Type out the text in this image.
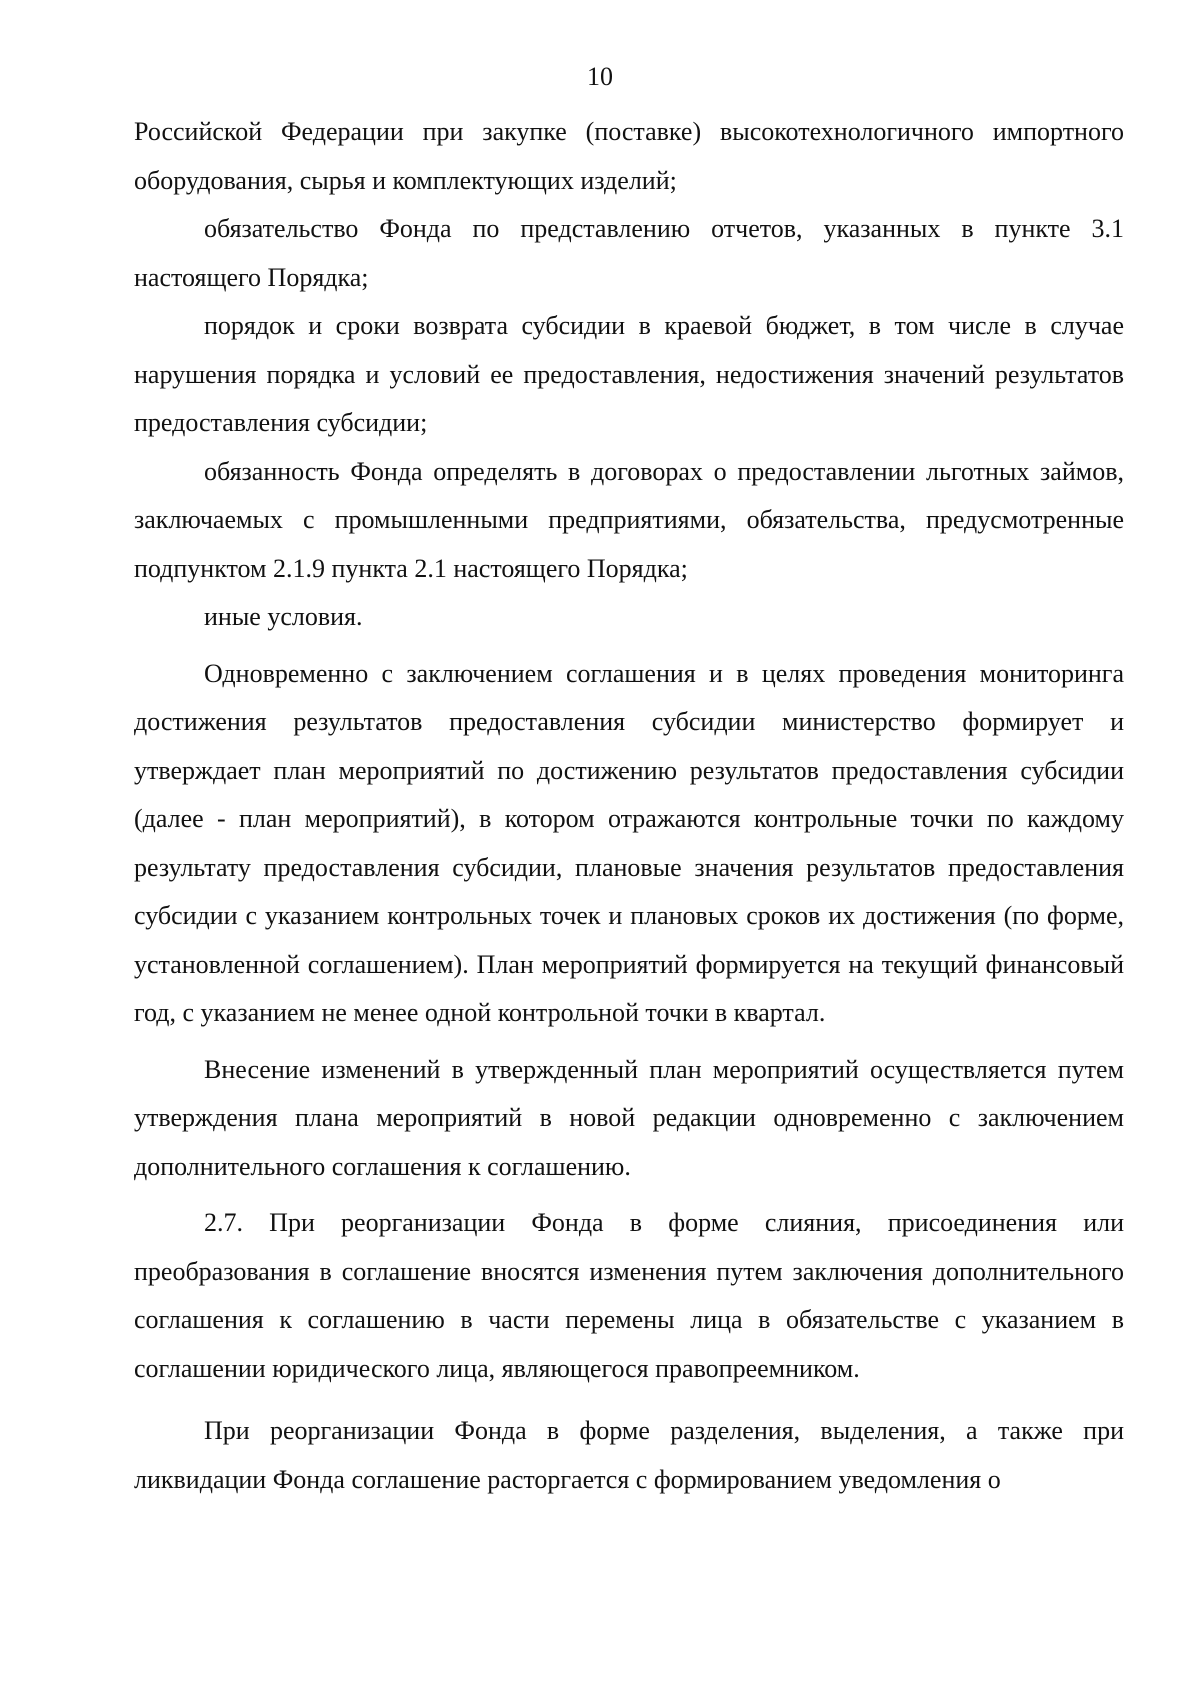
10

Российской Федерации при закупке (поставке) высокотехнологичного импортного оборудования, сырья и комплектующих изделий;

обязательство Фонда по представлению отчетов, указанных в пункте 3.1 настоящего Порядка;

порядок и сроки возврата субсидии в краевой бюджет, в том числе в случае нарушения порядка и условий ее предоставления, недостижения значений результатов предоставления субсидии;

обязанность Фонда определять в договорах о предоставлении льготных займов, заключаемых с промышленными предприятиями, обязательства, предусмотренные подпунктом 2.1.9 пункта 2.1 настоящего Порядка;

иные условия.

Одновременно с заключением соглашения и в целях проведения мониторинга достижения результатов предоставления субсидии министерство формирует и утверждает план мероприятий по достижению результатов предоставления субсидии (далее - план мероприятий), в котором отражаются контрольные точки по каждому результату предоставления субсидии, плановые значения результатов предоставления субсидии с указанием контрольных точек и плановых сроков их достижения (по форме, установленной соглашением). План мероприятий формируется на текущий финансовый год, с указанием не менее одной контрольной точки в квартал.

Внесение изменений в утвержденный план мероприятий осуществляется путем утверждения плана мероприятий в новой редакции одновременно с заключением дополнительного соглашения к соглашению.

2.7. При реорганизации Фонда в форме слияния, присоединения или преобразования в соглашение вносятся изменения путем заключения дополнительного соглашения к соглашению в части перемены лица в обязательстве с указанием в соглашении юридического лица, являющегося правопреемником.

При реорганизации Фонда в форме разделения, выделения, а также при ликвидации Фонда соглашение расторгается с формированием уведомления о
